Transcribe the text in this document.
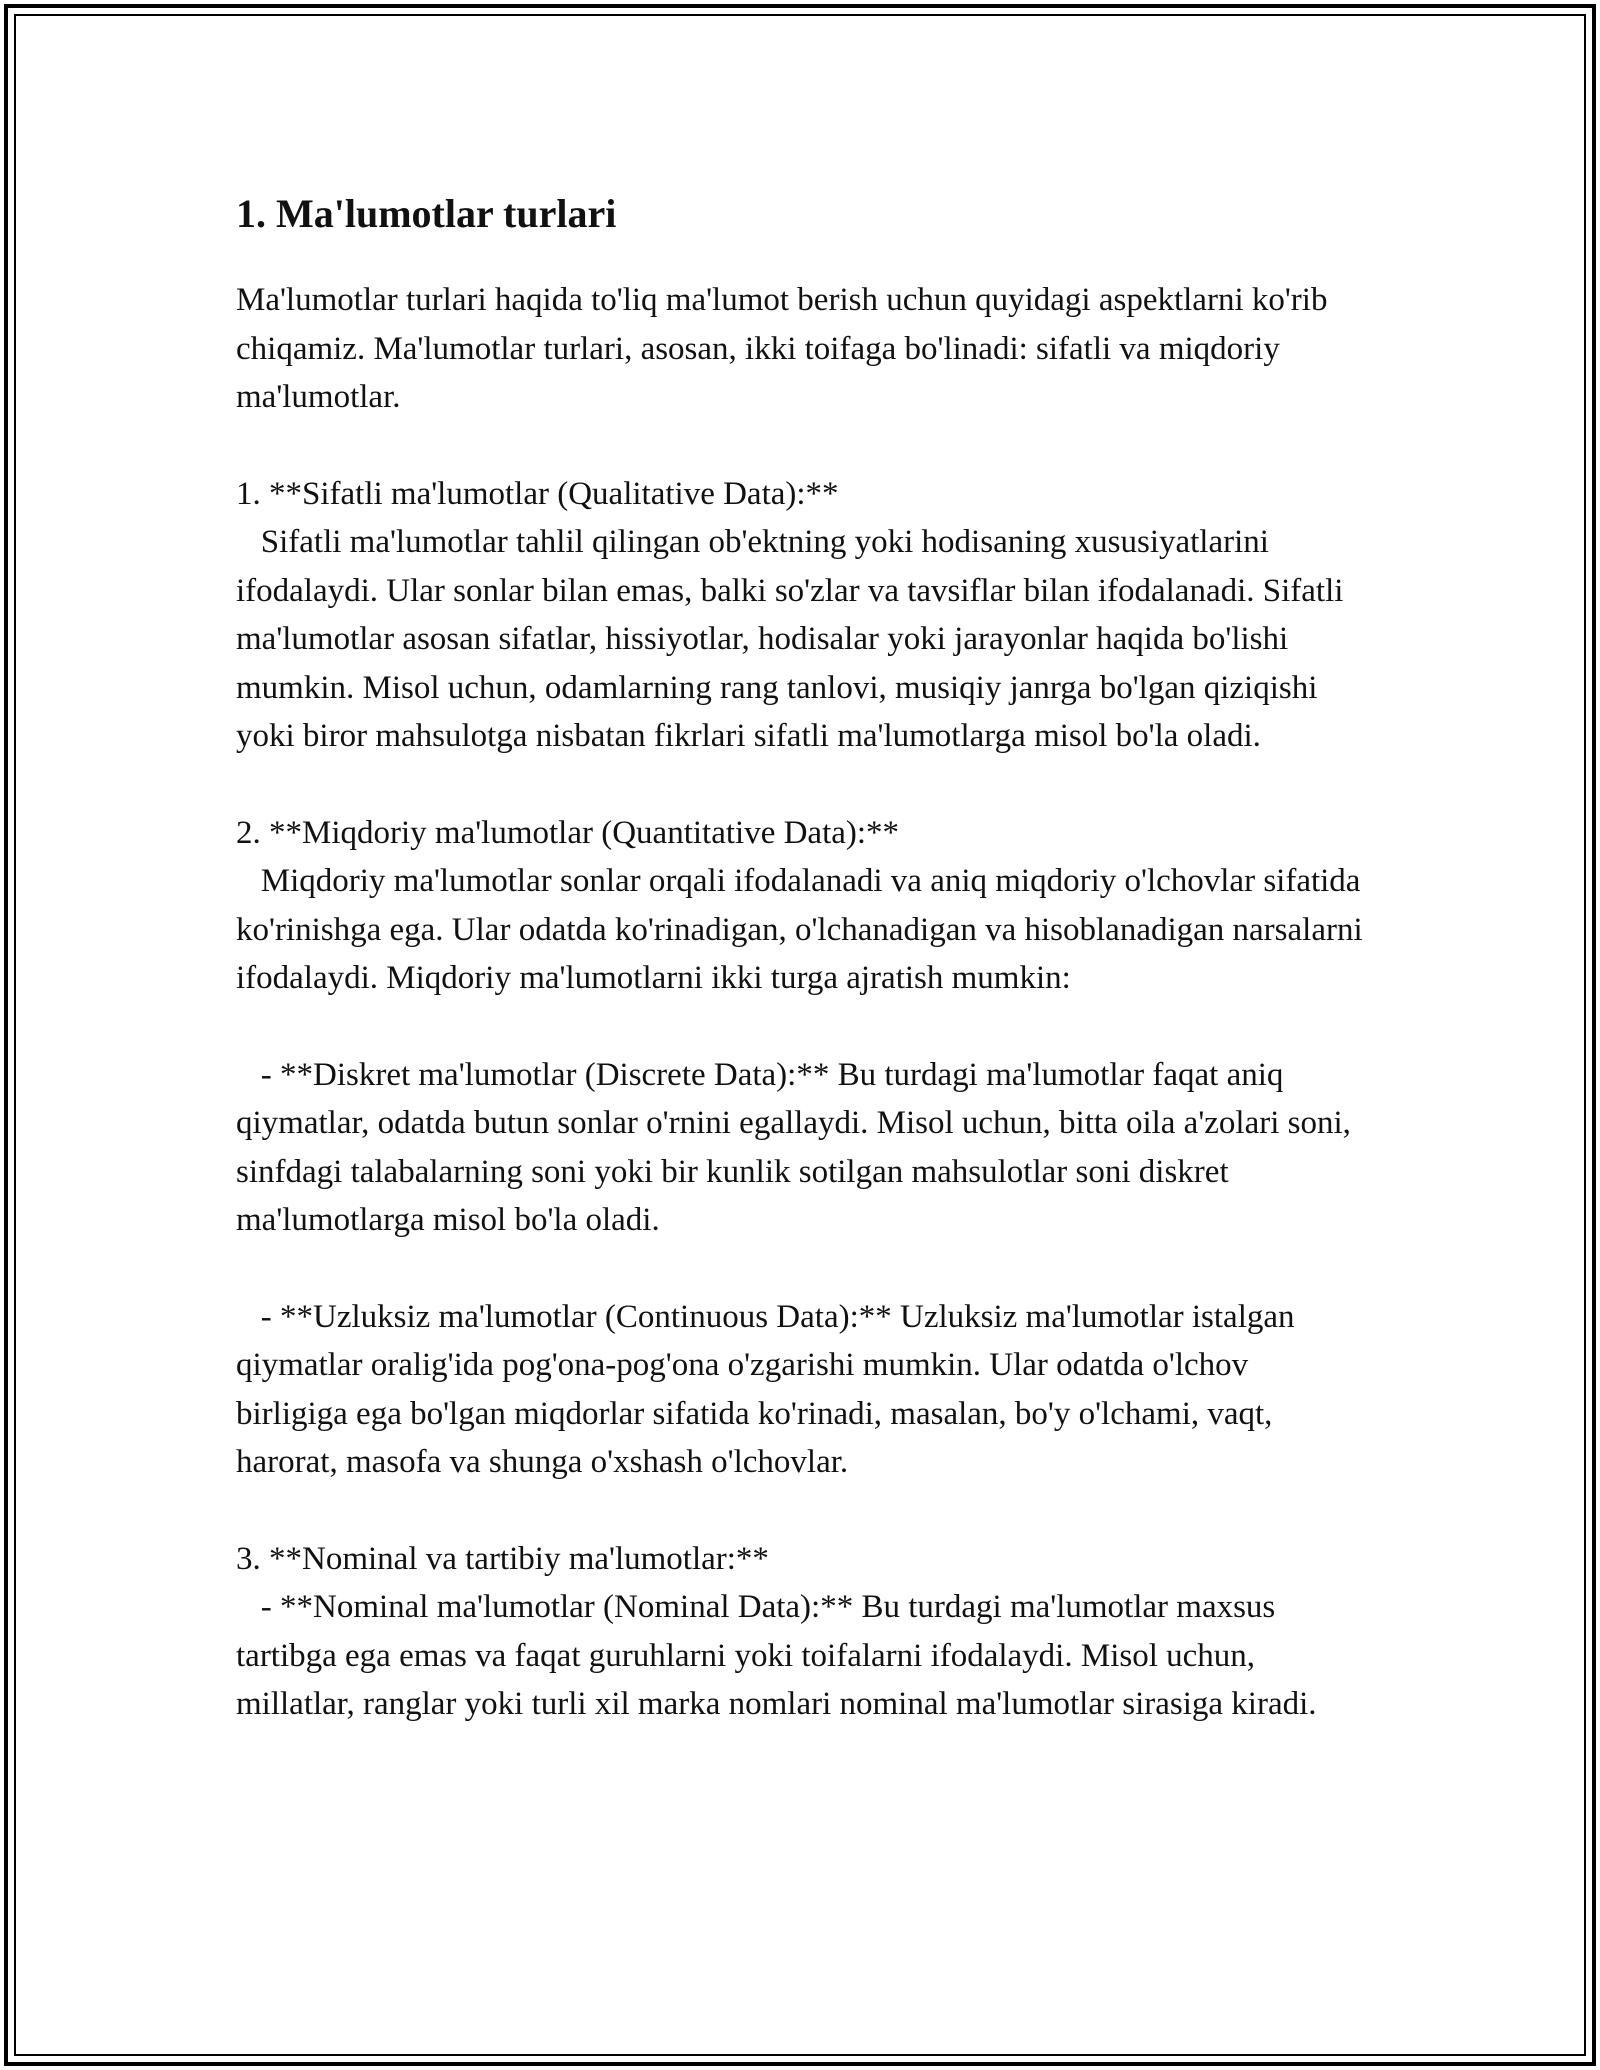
1. Ma'lumotlar turlari

Ma'lumotlar turlari haqida to'liq ma'lumot berish uchun quyidagi aspektlarni ko'rib chiqamiz. Ma'lumotlar turlari, asosan, ikki toifaga bo'linadi: sifatli va miqdoriy ma'lumotlar.

1. **Sifatli ma'lumotlar (Qualitative Data):**
Sifatli ma'lumotlar tahlil qilingan ob'ektning yoki hodisaning xususiyatlarini ifodalaydi. Ular sonlar bilan emas, balki so'zlar va tavsiflar bilan ifodalanadi. Sifatli ma'lumotlar asosan sifatlar, hissiyotlar, hodisalar yoki jarayonlar haqida bo'lishi mumkin. Misol uchun, odamlarning rang tanlovi, musiqiy janrga bo'lgan qiziqishi yoki biror mahsulotga nisbatan fikrlari sifatli ma'lumotlarga misol bo'la oladi.

2. **Miqdoriy ma'lumotlar (Quantitative Data):**
Miqdoriy ma'lumotlar sonlar orqali ifodalanadi va aniq miqdoriy o'lchovlar sifatida ko'rinishga ega. Ular odatda ko'rinadigan, o'lchanadigan va hisoblanadigan narsalarni ifodalaydi. Miqdoriy ma'lumotlarni ikki turga ajratish mumkin:

- **Diskret ma'lumotlar (Discrete Data):** Bu turdagi ma'lumotlar faqat aniq qiymatlar, odatda butun sonlar o'rnini egallaydi. Misol uchun, bitta oila a'zolari soni, sinfdagi talabalarning soni yoki bir kunlik sotilgan mahsulotlar soni diskret ma'lumotlarga misol bo'la oladi.

- **Uzluksiz ma'lumotlar (Continuous Data):** Uzluksiz ma'lumotlar istalgan qiymatlar oralig'ida pog'ona-pog'ona o'zgarishi mumkin. Ular odatda o'lchov birligiga ega bo'lgan miqdorlar sifatida ko'rinadi, masalan, bo'y o'lchami, vaqt, harorat, masofa va shunga o'xshash o'lchovlar.

3. **Nominal va tartibiy ma'lumotlar:**
- **Nominal ma'lumotlar (Nominal Data):** Bu turdagi ma'lumotlar maxsus tartibga ega emas va faqat guruhlarni yoki toifalarni ifodalaydi. Misol uchun, millatlar, ranglar yoki turli xil marka nomlari nominal ma'lumotlar sirasiga kiradi.
